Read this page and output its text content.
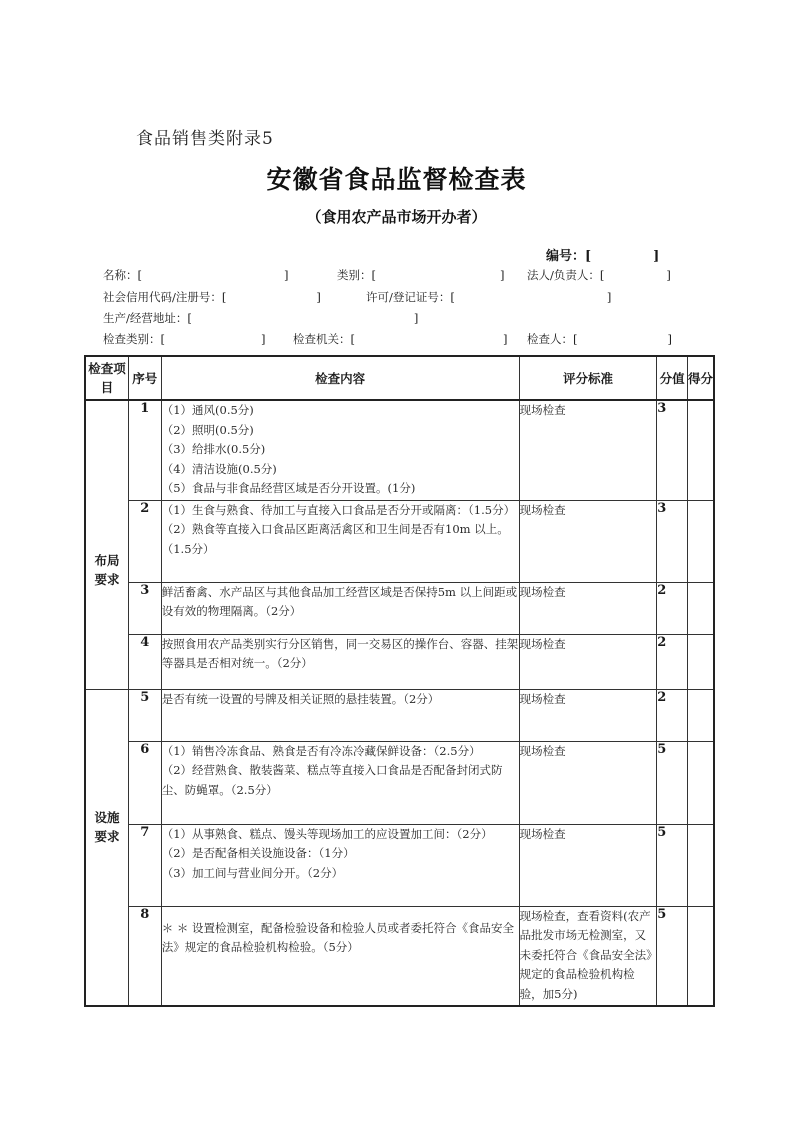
食品销售类附录5
安徽省食品监督检查表
（食用农产品市场开办者）
编号：[	]
名称：[	]	类别：[	] 法人/负责人：[	]
社会信用代码/注册号：[	]	许可/登记证号：[	]
生产/经营地址：[	]
检查类别：[	] 检查机关：[	] 检查人：[	]
检查项目	序号	检查内容	评分标准	分值	得分
布局要求	1	（1）通风(0.5分)
（2）照明(0.5分)
（3）给排水(0.5分)
（4）清洁设施(0.5分)
（5）食品与非食品经营区域是否分开设置。(1分)	现场检查	3	
	2	（1）生食与熟食、待加工与直接入口食品是否分开或隔离：（1.5分）
（2）熟食等直接入口食品区距离活禽区和卫生间是否有10m 以上。（1.5分）	现场检查	3	
	3	鲜活畜禽、水产品区与其他食品加工经营区域是否保持5m 以上间距或设有效的物理隔离。（2分）	现场检查	2	
	4	按照食用农产品类别实行分区销售，同一交易区的操作台、容器、挂架等器具是否相对统一。（2分）	现场检查	2	
设施要求	5	是否有统一设置的号牌及相关证照的悬挂装置。（2分）	现场检查	2	
	6	（1）销售冷冻食品、熟食是否有冷冻冷藏保鲜设备：（2.5分）
（2）经营熟食、散装酱菜、糕点等直接入口食品是否配备封闭式防尘、防蝇罩。（2.5分）	现场检查	5	
	7	（1）从事熟食、糕点、馒头等现场加工的应设置加工间：（2分）
（2）是否配备相关设施设备：（1分）
（3）加工间与营业间分开。（2分）	现场检查	5	
	8	＊ ＊ 设置检测室，配备检验设备和检验人员或者委托符合《食品安全法》规定的食品检验机构检验。（5分）	现场检查，查看资料(农产品批发市场无检测室，又未委托符合《食品安全法》规定的食品检验机构检验，加5分)	5	
